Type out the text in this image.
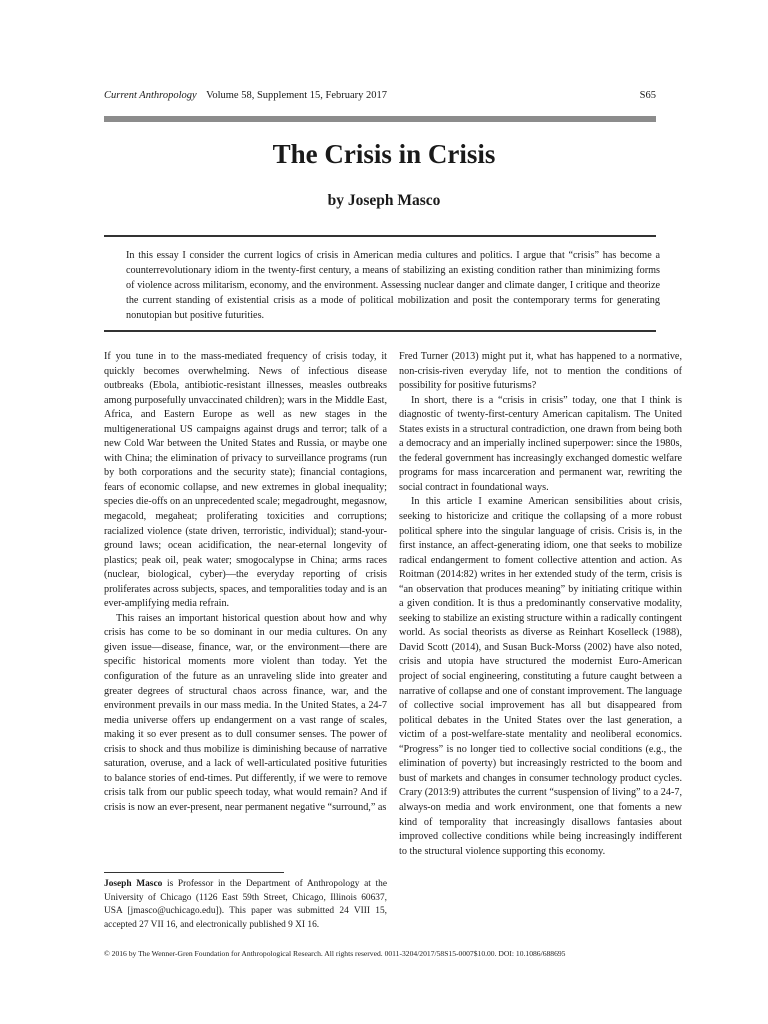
Current Anthropology Volume 58, Supplement 15, February 2017	S65
The Crisis in Crisis
by Joseph Masco

In this essay I consider the current logics of crisis in American media cultures and politics. I argue that “crisis” has become a counterrevolutionary idiom in the twenty-first century, a means of stabilizing an existing condition rather than minimizing forms of violence across militarism, economy, and the environment. Assessing nuclear danger and climate danger, I critique and theorize the current standing of existential crisis as a mode of political mobilization and posit the contemporary terms for generating nonutopian but positive futurities.

If you tune in to the mass-mediated frequency of crisis today, it quickly becomes overwhelming. News of infectious disease outbreaks (Ebola, antibiotic-resistant illnesses, measles outbreaks among purposefully unvaccinated children); wars in the Middle East, Africa, and Eastern Europe as well as new stages in the multigenerational US campaigns against drugs and terror; talk of a new Cold War between the United States and Russia, or maybe one with China; the elimination of privacy to surveillance programs (run by both corporations and the security state); financial contagions, fears of economic collapse, and new extremes in global inequality; species die-offs on an unprecedented scale; megadrought, megasnow, megacold, megaheat; proliferating toxicities and corruptions; racialized violence (state driven, terroristic, individual); stand-your-ground laws; ocean acidification, the near-eternal longevity of plastics; peak oil, peak water; smogocalypse in China; arms races (nuclear, biological, cyber)—the everyday reporting of crisis proliferates across subjects, spaces, and temporalities today and is an ever-amplifying media refrain.

This raises an important historical question about how and why crisis has come to be so dominant in our media cultures. On any given issue—disease, finance, war, or the environment—there are specific historical moments more violent than today. Yet the configuration of the future as an unraveling slide into greater and greater degrees of structural chaos across finance, war, and the environment prevails in our mass media. In the United States, a 24-7 media universe offers up endangerment on a vast range of scales, making it so ever present as to dull consumer senses. The power of crisis to shock and thus mobilize is diminishing because of narrative saturation, overuse, and a lack of well-articulated positive futurities to balance stories of end-times. Put differently, if we were to remove crisis talk from our public speech today, what would remain? And if crisis is now an ever-present, near permanent negative “surround,” as

Fred Turner (2013) might put it, what has happened to a normative, non-crisis-riven everyday life, not to mention the conditions of possibility for positive futurisms?

In short, there is a “crisis in crisis” today, one that I think is diagnostic of twenty-first-century American capitalism. The United States exists in a structural contradiction, one drawn from being both a democracy and an imperially inclined superpower: since the 1980s, the federal government has increasingly exchanged domestic welfare programs for mass incarceration and permanent war, rewriting the social contract in foundational ways.

In this article I examine American sensibilities about crisis, seeking to historicize and critique the collapsing of a more robust political sphere into the singular language of crisis. Crisis is, in the first instance, an affect-generating idiom, one that seeks to mobilize radical endangerment to foment collective attention and action. As Roitman (2014:82) writes in her extended study of the term, crisis is “an observation that produces meaning” by initiating critique within a given condition. It is thus a predominantly conservative modality, seeking to stabilize an existing structure within a radically contingent world. As social theorists as diverse as Reinhart Koselleck (1988), David Scott (2014), and Susan Buck-Morss (2002) have also noted, crisis and utopia have structured the modernist Euro-American project of social engineering, constituting a future caught between a narrative of collapse and one of constant improvement. The language of collective social improvement has all but disappeared from political debates in the United States over the last generation, a victim of a post-welfare-state mentality and neoliberal economics. “Progress” is no longer tied to collective social conditions (e.g., the elimination of poverty) but increasingly restricted to the boom and bust of markets and changes in consumer technology product cycles. Crary (2013:9) attributes the current “suspension of living” to a 24-7, always-on media and work environment, one that foments a new kind of temporality that increasingly disallows fantasies about improved collective conditions while being increasingly indifferent to the structural violence supporting this economy.

Joseph Masco is Professor in the Department of Anthropology at the University of Chicago (1126 East 59th Street, Chicago, Illinois 60637, USA [jmasco@uchicago.edu]). This paper was submitted 24 VIII 15, accepted 27 VII 16, and electronically published 9 XI 16.

© 2016 by The Wenner-Gren Foundation for Anthropological Research. All rights reserved. 0011-3204/2017/58S15-0007$10.00. DOI: 10.1086/688695
